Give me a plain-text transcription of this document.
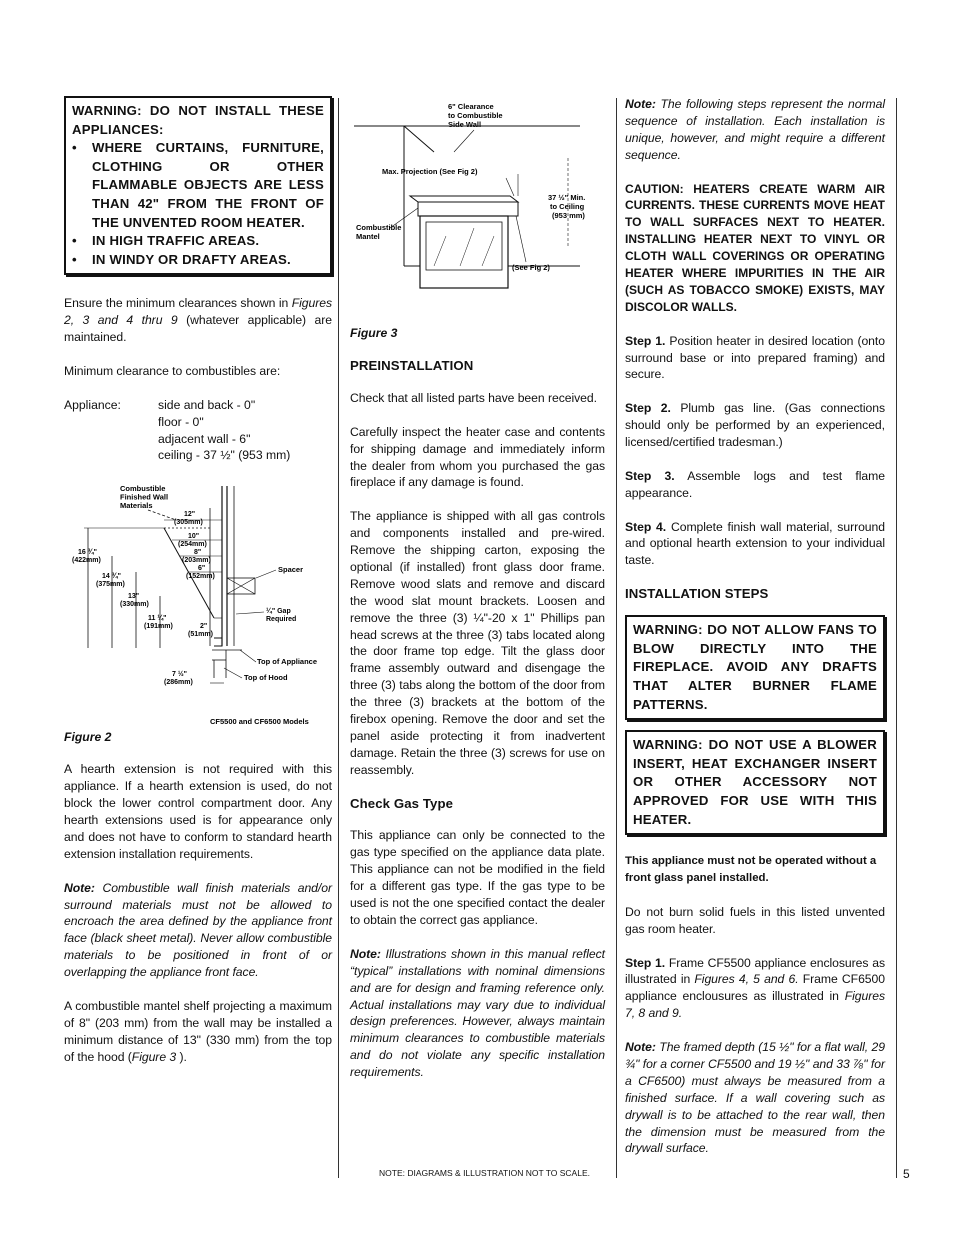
WARNING: DO NOT INSTALL THESE APPLIANCES:
• WHERE CURTAINS, FURNITURE, CLOTHING OR OTHER FLAMMABLE OBJECTS ARE LESS THAN 42" FROM THE FRONT OF THE UNVENTED ROOM HEATER.
• IN HIGH TRAFFIC AREAS.
• IN WINDY OR DRAFTY AREAS.

Ensure the minimum clearances shown in Figures 2, 3 and 4 thru 9 (whatever applicable) are maintained.

Minimum clearance to combustibles are:

Appliance:	side and back - 0"
floor - 0"
adjacent wall - 6"
ceiling - 37 ½" (953 mm)
Combustible Finished Wall Materials
Spacer
¼" Gap Required
12" (305mm)
10" (254mm)
8" (203mm)
6" (152mm)
2" (51mm)
16 ¾" (422mm)
14 ¾" (375mm)
13" (330mm)
11 ¼" (191mm)
Top of Appliance
Top of Hood
7 ½" (286mm)
CF5500 and CF6500 Models

Figure 2

A hearth extension is not required with this appliance. If a hearth extension is used, do not block the lower control compartment door. Any hearth extensions used is for appearance only and does not have to conform to standard hearth extension installation requirements.

Note: Combustible wall finish materials and/or surround materials must not be allowed to encroach the area defined by the appliance front face (black sheet metal). Never allow combustible materials to be positioned in front of or overlapping the appliance front face.

A combustible mantel shelf projecting a maximum of 8" (203 mm) from the wall may be installed a minimum distance of 13" (330 mm) from the top of the hood (Figure 3 ).

6" Clearance to Combustible Side Wall
Max. Projection (See Fig 2)
37 ½" Min. to Ceiling (953 mm)
Combustible Mantel
(See Fig 2)

Figure 3

PREINSTALLATION

Check that all listed parts have been received.

Carefully inspect the heater case and contents for shipping damage and immediately inform the dealer from whom you purchased the gas fireplace if any damage is found.

The appliance is shipped with all gas controls and components installed and pre-wired. Remove the shipping carton, exposing the optional (if installed) front glass door frame. Remove wood slats and remove and discard the wood slat mount brackets. Loosen and remove the three (3) ¼"-20 x 1" Phillips pan head screws at the three (3) tabs located along the door frame top edge. Tilt the glass door frame assembly outward and disengage the three (3) tabs along the bottom of the door from the three (3) brackets at the bottom of the firebox opening. Remove the door and set the panel aside protecting it from inadvertent damage. Retain the three (3) screws for use on reassembly.

Check Gas Type

This appliance can only be connected to the gas type specified on the appliance data plate. This appliance can not be modified in the field for a different gas type. If the gas type to be used is not the one specified contact the dealer to obtain the correct gas appliance.

Note: Illustrations shown in this manual reflect “typical” installations with nominal dimensions and are for design and framing reference only. Actual installations may vary due to individual design preferences. However, always maintain minimum clearances to combustible materials and do not violate any specific installation requirements.

Note: The following steps represent the normal sequence of installation. Each installation is unique, however, and might require a different sequence.

CAUTION: HEATERS CREATE WARM AIR CURRENTS. THESE CURRENTS MOVE HEAT TO WALL SURFACES NEXT TO HEATER. INSTALLING HEATER NEXT TO VINYL OR CLOTH WALL COVERINGS OR OPERATING HEATER WHERE IMPURITIES IN THE AIR (SUCH AS TOBACCO SMOKE) EXISTS, MAY DISCOLOR WALLS.

Step 1. Position heater in desired location (onto surround base or into prepared framing) and secure.

Step 2. Plumb gas line. (Gas connections should only be performed by an experienced, licensed/certified tradesman.)

Step 3. Assemble logs and test flame appearance.

Step 4. Complete finish wall material, surround and optional hearth extension to your individual taste.

INSTALLATION STEPS

WARNING: DO NOT ALLOW FANS TO BLOW DIRECTLY INTO THE FIREPLACE. AVOID ANY DRAFTS THAT ALTER BURNER FLAME PATTERNS.
WARNING: DO NOT USE A BLOWER INSERT, HEAT EXCHANGER INSERT OR OTHER ACCESSORY NOT APPROVED FOR USE WITH THIS HEATER.

This appliance must not be operated without a front glass panel installed.

Do not burn solid fuels in this listed unvented gas room heater.

Step 1. Frame CF5500 appliance enclosures as illustrated in Figures 4, 5 and 6. Frame CF6500 appliance enclousures as illustrated in Figures 7, 8 and 9.

Note: The framed depth (15 ½" for a flat wall, 29 ¾" for a corner CF5500 and 19 ½" and 33 ⅞" for a CF6500) must always be measured from a finished surface. If a wall covering such as drywall is to be attached to the rear wall, then the dimension must be measured from the drywall surface.

NOTE: DIAGRAMS & ILLUSTRATION NOT TO SCALE.	5
